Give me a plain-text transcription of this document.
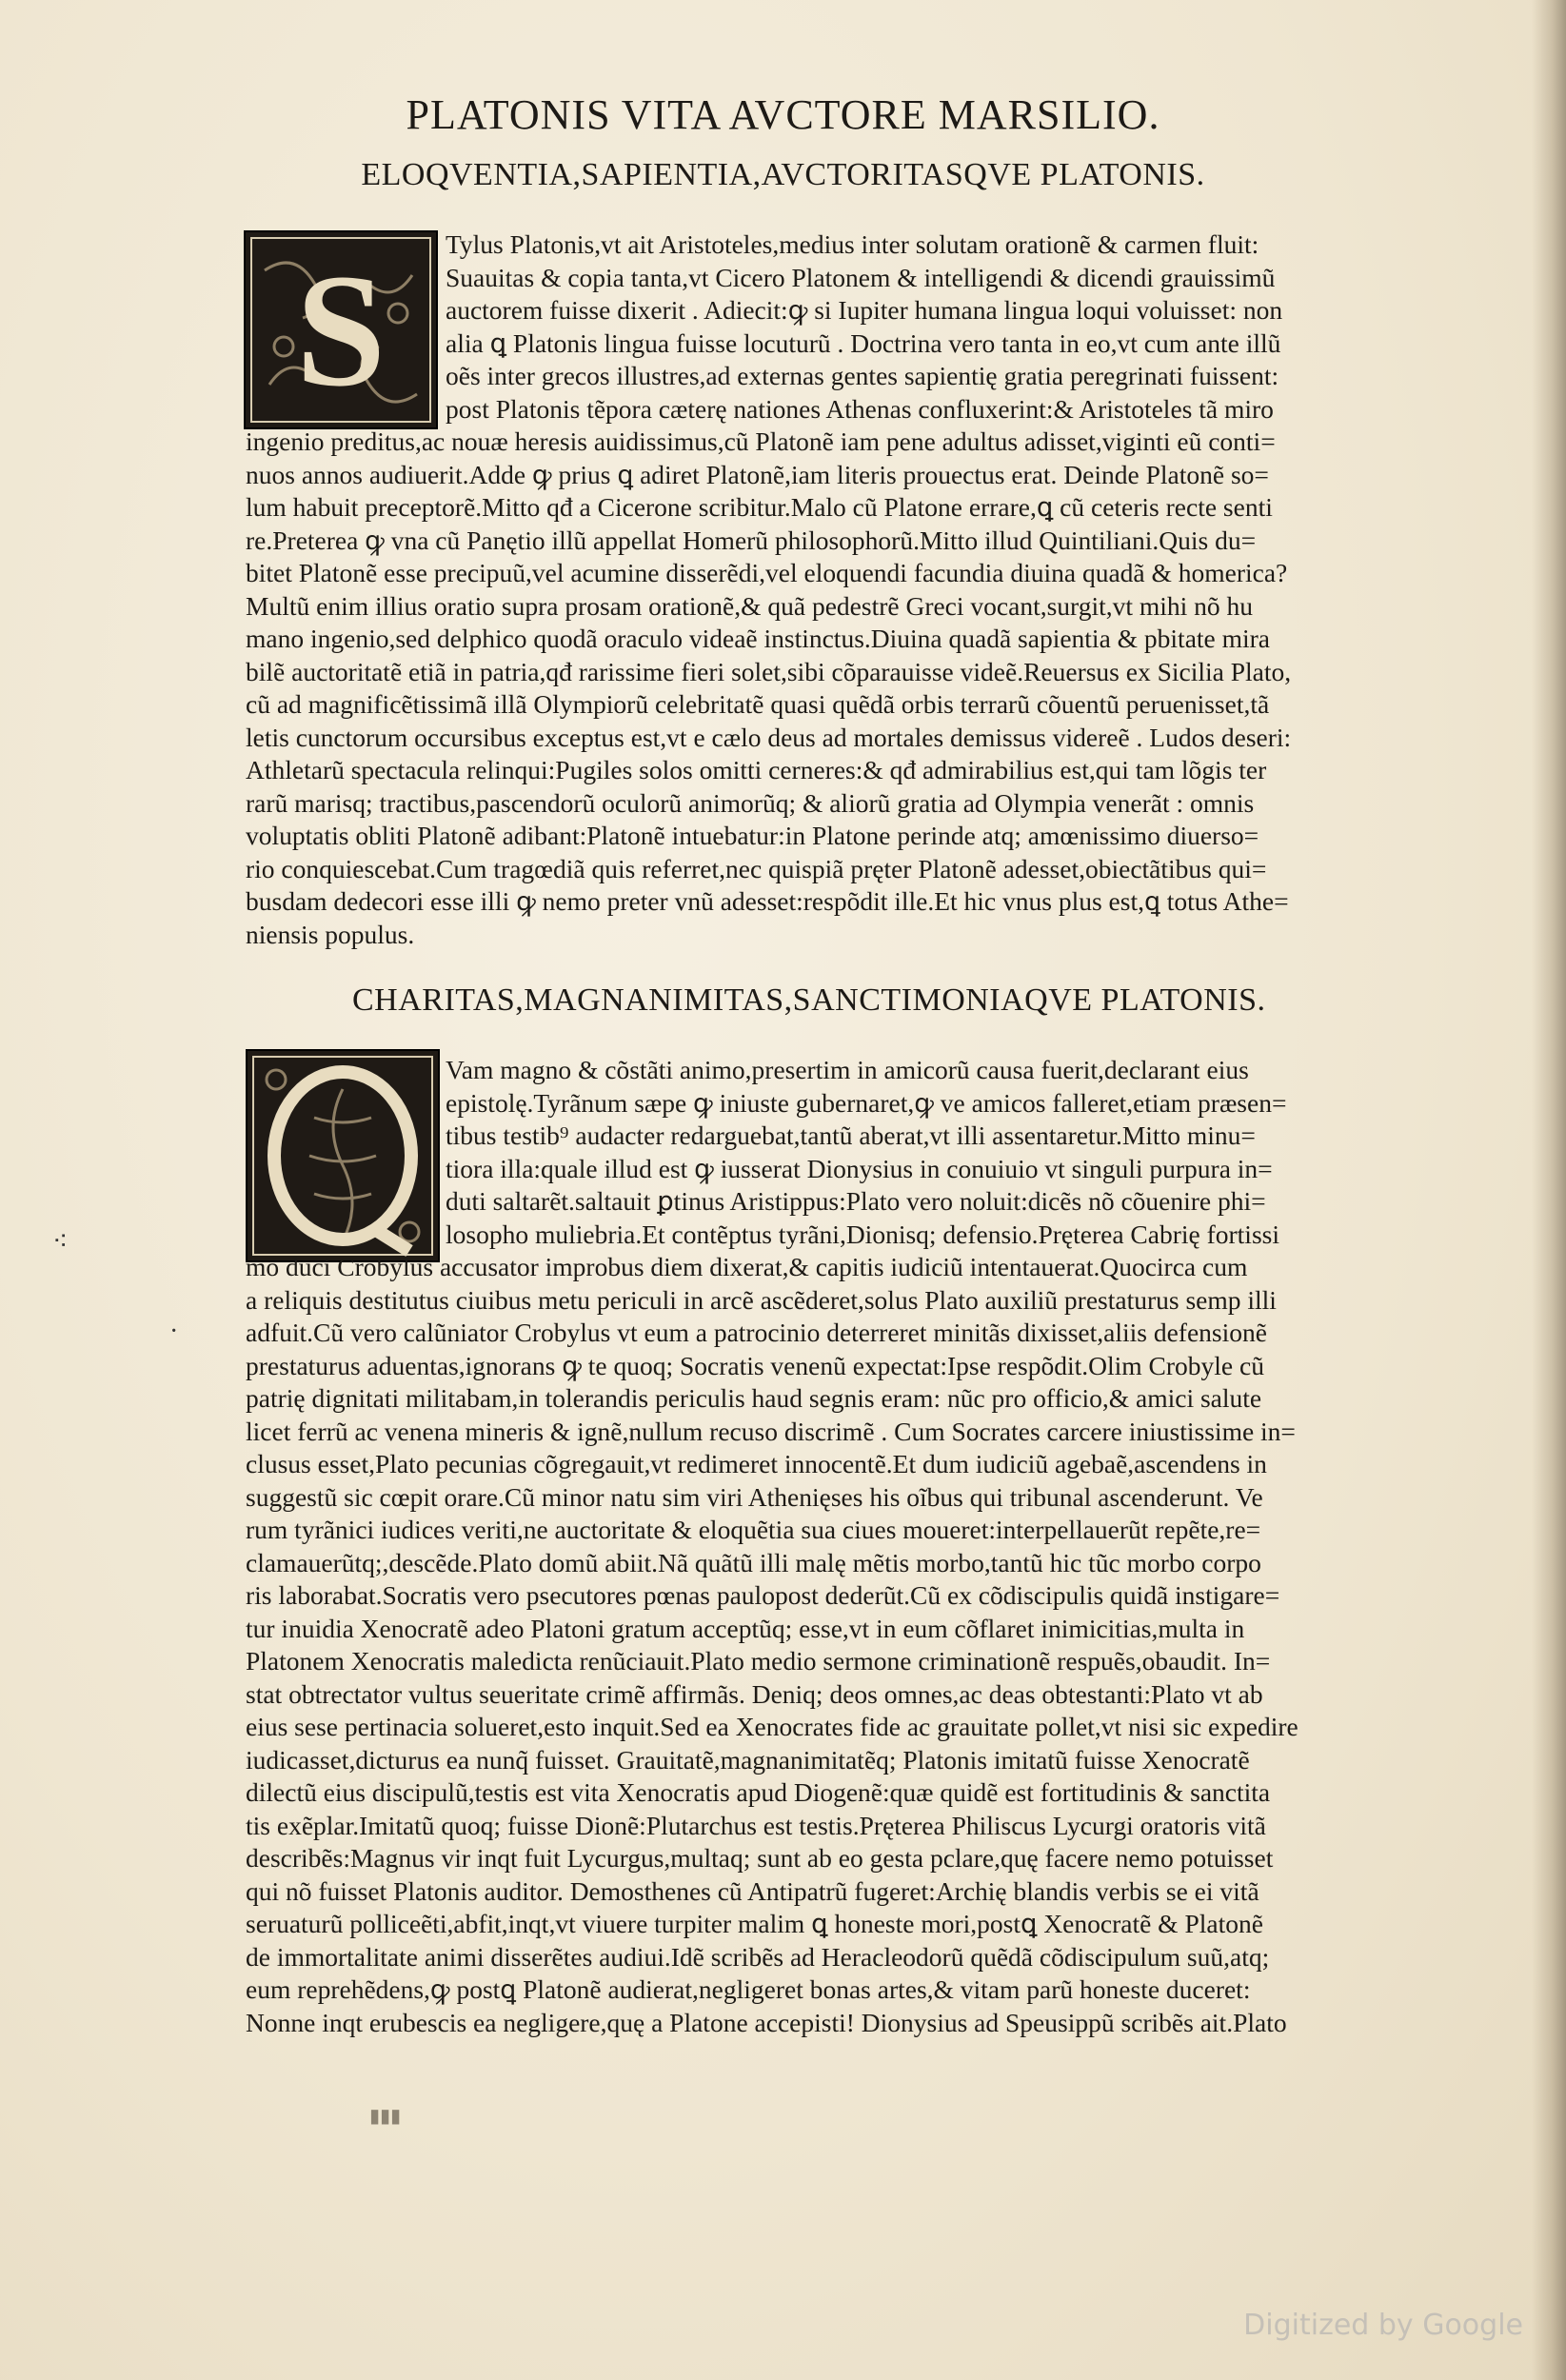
PLATONIS VITA AVCTORE MARSILIO.
ELOQVENTIA,SAPIENTIA,AVCTORITASQVE PLATONIS.
S	Tylus Platonis,vt ait Aristoteles,medius inter solutam orationẽ & carmen fluit:
Suauitas & copia tanta,vt Cicero Platonem & intelligendi & dicendi grauissimũ
auctorem fuisse dixerit . Adiecit:ꝙ si Iupiter humana lingua loqui voluisset: non
alia ꝗ Platonis lingua fuisse locuturũ . Doctrina vero tanta in eo,vt cum ante illũ
oẽs inter grecos illustres,ad externas gentes sapientię gratia peregrinati fuissent:
post Platonis tẽpora cæterę nationes Athenas confluxerint:& Aristoteles tã miro
ingenio preditus,ac nouæ heresis auidissimus,cũ Platonẽ iam pene adultus adisset,viginti eũ conti=
nuos annos audiuerit.Adde ꝙ prius ꝗ adiret Platonẽ,iam literis prouectus erat. Deinde Platonẽ so=
lum habuit preceptorẽ.Mitto qđ a Cicerone scribitur.Malo cũ Platone errare,ꝗ cũ ceteris recte senti
re.Preterea ꝙ vna cũ Panętio illũ appellat Homerũ philosophorũ.Mitto illud Quintiliani.Quis du=
bitet Platonẽ esse precipuũ,vel acumine disserẽdi,vel eloquendi facundia diuina quadã & homerica?
Multũ enim illius oratio supra prosam orationẽ,& quã pedestrẽ Greci vocant,surgit,vt mihi nõ hu
mano ingenio,sed delphico quodã oraculo videaẽ instinctus.Diuina quadã sapientia & pbitate mira
bilẽ auctoritatẽ etiã in patria,qđ rarissime fieri solet,sibi cõparauisse videẽ.Reuersus ex Sicilia Plato,
cũ ad magnificẽtissimã illã Olympiorũ celebritatẽ quasi quẽdã orbis terrarũ cõuentũ peruenisset,tã
letis cunctorum occursibus exceptus est,vt e cælo deus ad mortales demissus videreẽ . Ludos deseri:
Athletarũ spectacula relinqui:Pugiles solos omitti cerneres:& qđ admirabilius est,qui tam lõgis ter
rarũ marisq; tractibus,pascendorũ oculorũ animorũq; & aliorũ gratia ad Olympia venerãt : omnis
voluptatis obliti Platonẽ adibant:Platonẽ intuebatur:in Platone perinde atq; amœnissimo diuerso=
rio conquiescebat.Cum tragœdiã quis referret,nec quispiã pręter Platonẽ adesset,obiectãtibus qui=
busdam dedecori esse illi ꝙ nemo preter vnũ adesset:respõdit ille.Et hic vnus plus est,ꝗ totus Athe=
niensis populus.
CHARITAS,MAGNANIMITAS,SANCTIMONIAQVE PLATONIS.
Vam magno & cõstãti animo,presertim in amicorũ causa fuerit,declarant eius
epistolę.Tyrãnum sæpe ꝙ iniuste gubernaret,ꝙ ve amicos falleret,etiam præsen=
tibus testib⁹ audacter redarguebat,tantũ aberat,vt illi assentaretur.Mitto minu=
tiora illa:quale illud est ꝙ iusserat Dionysius in conuiuio vt singuli purpura in=
duti saltarẽt.saltauit ꝑtinus Aristippus:Plato vero noluit:dicẽs nõ cõuenire phi=
losopho muliebria.Et contẽptus tyrãni,Dionisq; defensio.Pręterea Cabrię fortissi
mo duci Crobylus accusator improbus diem dixerat,& capitis iudiciũ intentauerat.Quocirca cum
a reliquis destitutus ciuibus metu periculi in arcẽ ascẽderet,solus Plato auxiliũ prestaturus semp illi
adfuit.Cũ vero calũniator Crobylus vt eum a patrocinio deterreret minitãs dixisset,aliis defensionẽ
prestaturus aduentas,ignorans ꝙ te quoq; Socratis venenũ expectat:Ipse respõdit.Olim Crobyle cũ
patrię dignitati militabam,in tolerandis periculis haud segnis eram: nũc pro officio,& amici salute
licet ferrũ ac venena mineris & ignẽ,nullum recuso discrimẽ . Cum Socrates carcere iniustissime in=
clusus esset,Plato pecunias cõgregauit,vt redimeret innocentẽ.Et dum iudiciũ agebaẽ,ascendens in
suggestũ sic cœpit orare.Cũ minor natu sim viri Athenięses his oĩbus qui tribunal ascenderunt. Ve
rum tyrãnici iudices veriti,ne auctoritate & eloquẽtia sua ciues moueret:interpellauerũt repẽte,re=
clamauerũtq;,descẽde.Plato domũ abiit.Nã quãtũ illi malę mẽtis morbo,tantũ hic tũc morbo corpo
ris laborabat.Socratis vero psecutores pœnas paulopost dederũt.Cũ ex cõdiscipulis quidã instigare=
tur inuidia Xenocratẽ adeo Platoni gratum acceptũq; esse,vt in eum cõflaret inimicitias,multa in
Platonem Xenocratis maledicta renũciauit.Plato medio sermone criminationẽ respuẽs,obaudit. In=
stat obtrectator vultus seueritate crimẽ affirmãs. Deniq; deos omnes,ac deas obtestanti:Plato vt ab
eius sese pertinacia solueret,esto inquit.Sed ea Xenocrates fide ac grauitate pollet,vt nisi sic expedire
iudicasset,dicturus ea nunq̃ fuisset. Grauitatẽ,magnanimitatẽq; Platonis imitatũ fuisse Xenocratẽ
dilectũ eius discipulũ,testis est vita Xenocratis apud Diogenẽ:quæ quidẽ est fortitudinis & sanctita
tis exẽplar.Imitatũ quoq; fuisse Dionẽ:Plutarchus est testis.Pręterea Philiscus Lycurgi oratoris vitã
describẽs:Magnus vir inqt fuit Lycurgus,multaq; sunt ab eo gesta pclare,quę facere nemo potuisset
qui nõ fuisset Platonis auditor. Demosthenes cũ Antipatrũ fugeret:Archię blandis verbis se ei vitã
seruaturũ polliceẽti,abfit,inqt,vt viuere turpiter malim ꝗ honeste mori,postꝗ Xenocratẽ & Platonẽ
de immortalitate animi disserẽtes audiui.Idẽ scribẽs ad Heracleodorũ quẽdã cõdiscipulum suũ,atq;
eum reprehẽdens,ꝙ postꝗ Platonẽ audierat,negligeret bonas artes,& vitam parũ honeste duceret:
Nonne inqt erubescis ea negligere,quę a Platone accepisti! Dionysius ad Speusippũ scribẽs ait.Plato
⁖
·
▮▮▮
Digitized by Google
